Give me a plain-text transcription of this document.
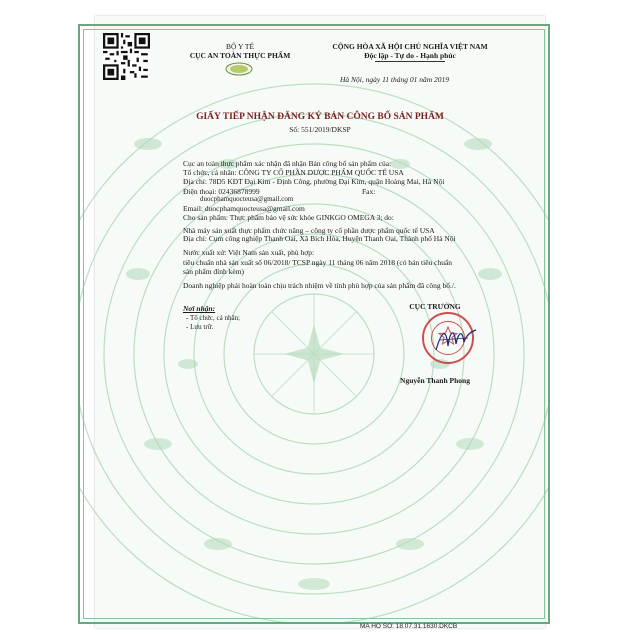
BỘ Y TẾ
CỤC AN TOÀN THỰC PHẨM
CỘNG HÒA XÃ HỘI CHỦ NGHĨA VIỆT NAM
Độc lập - Tự do - Hạnh phúc
Hà Nội, ngày 11 tháng 01 năm 2019
GIẤY TIẾP NHẬN ĐĂNG KÝ BẢN CÔNG BỐ SẢN PHẨM
Số: 551/2019/DKSP
Cục an toàn thực phẩm xác nhận đã nhận Bản công bố sản phẩm của:
Tổ chức, cá nhân: CÔNG TY CỔ PHẦN DƯỢC PHẨM QUỐC TẾ USA
Địa chỉ: 78D5 KĐT Đại Kim - Định Công, phường Đại Kim, quận Hoàng Mai, Hà Nội
Điện thoại: 02436878999	Fax:
duocphamquocteusa@gmail.com
Email: duocphamquocteusa@gmail.com
Cho sản phẩm: Thực phẩm bảo vệ sức khỏe GINKGO OMEGA 3; do:
Nhà máy sản xuất thực phẩm chức năng – công ty cổ phần dược phẩm quốc tế USA
Địa chỉ: Cụm công nghiệp Thanh Oai, Xã Bích Hòa, Huyện Thanh Oai, Thành phố Hà Nội
Nước xuất xứ: Việt Nam sản xuất, phù hợp:
tiêu chuẩn nhà sản xuất số 06/2018/ TCSP ngày 11 tháng 06 năm 2018 (có bản tiêu chuẩn
sản phẩm đính kèm)
Doanh nghiệp phải hoàn toàn chịu trách nhiệm về tính phù hợp của sản phẩm đã công bố./.
Nơi nhận:
- Tổ chức, cá nhân;
- Lưu trữ.
CỤC TRƯỞNG
Nguyễn Thanh Phong
MA HO SO: 18.07.31.1630.DKCB
